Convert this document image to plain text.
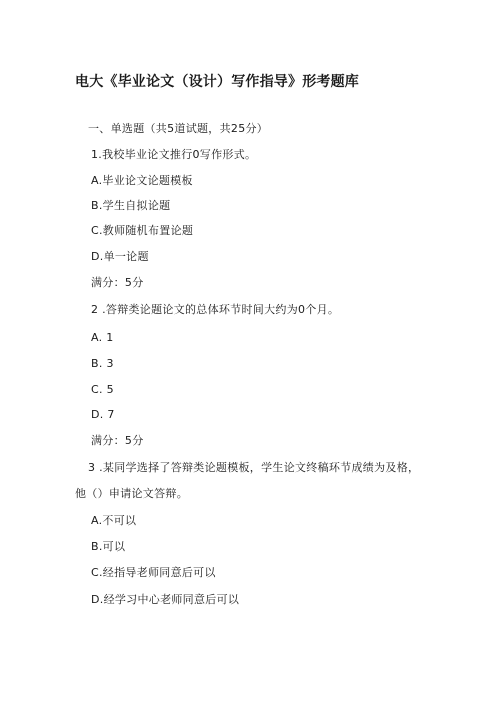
电大《毕业论文（设计）写作指导》形考题库
一、单选题（共5道试题，共25分）
1.我校毕业论文推行0写作形式。
A.毕业论文论题模板
B.学生自拟论题
C.教师随机布置论题
D.单一论题
满分：5分
2 .答辩类论题论文的总体环节时间大约为0个月。
A. 1
B. 3
C. 5
D. 7
满分：5分
3 .某同学选择了答辩类论题模板，学生论文终稿环节成绩为及格，
他（）申请论文答辩。
A.不可以
B.可以
C.经指导老师同意后可以
D.经学习中心老师同意后可以
